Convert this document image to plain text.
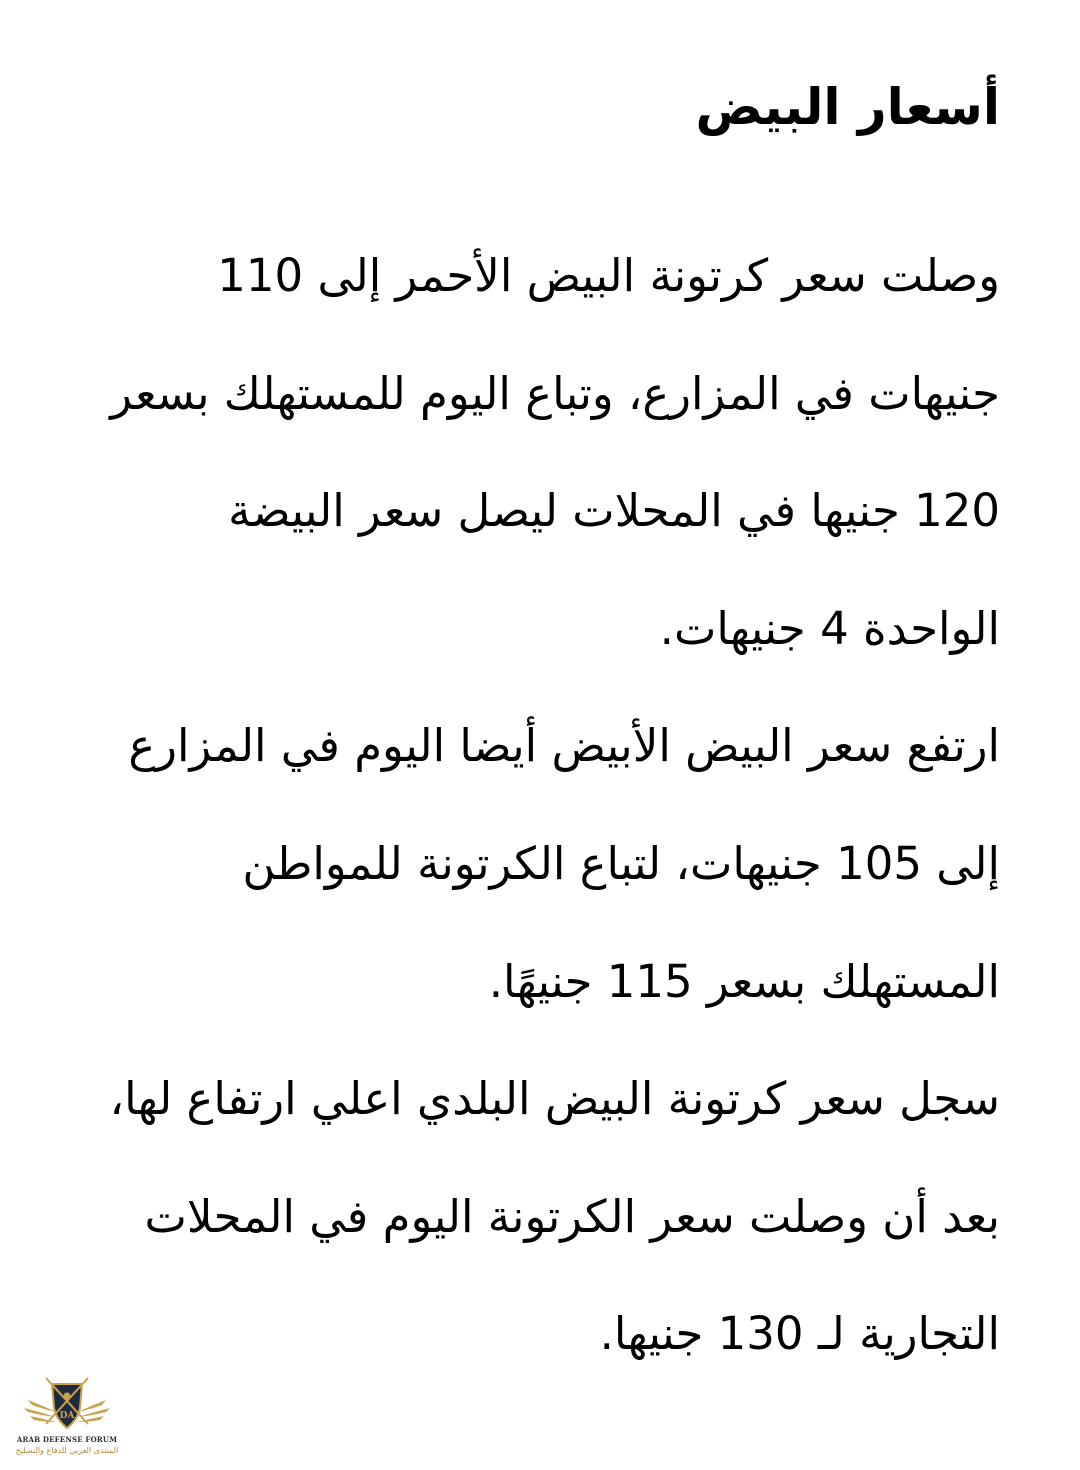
أسعار البيض
وصلت سعر كرتونة البيض الأحمر إلى 110
جنيهات في المزارع، وتباع اليوم للمستهلك بسعر
120 جنيها في المحلات ليصل سعر البيضة
الواحدة 4 جنيهات.
ارتفع سعر البيض الأبيض أيضا اليوم في المزارع
إلى 105 جنيهات، لتباع الكرتونة للمواطن
المستهلك بسعر 115 جنيهًا.
سجل سعر كرتونة البيض البلدي اعلي ارتفاع لها،
بعد أن وصلت سعر الكرتونة اليوم في المحلات
التجارية لـ 130 جنيها.
DA
ARAB DEFENSE FORUM
المنتدى العربي للدفاع والتسليح
